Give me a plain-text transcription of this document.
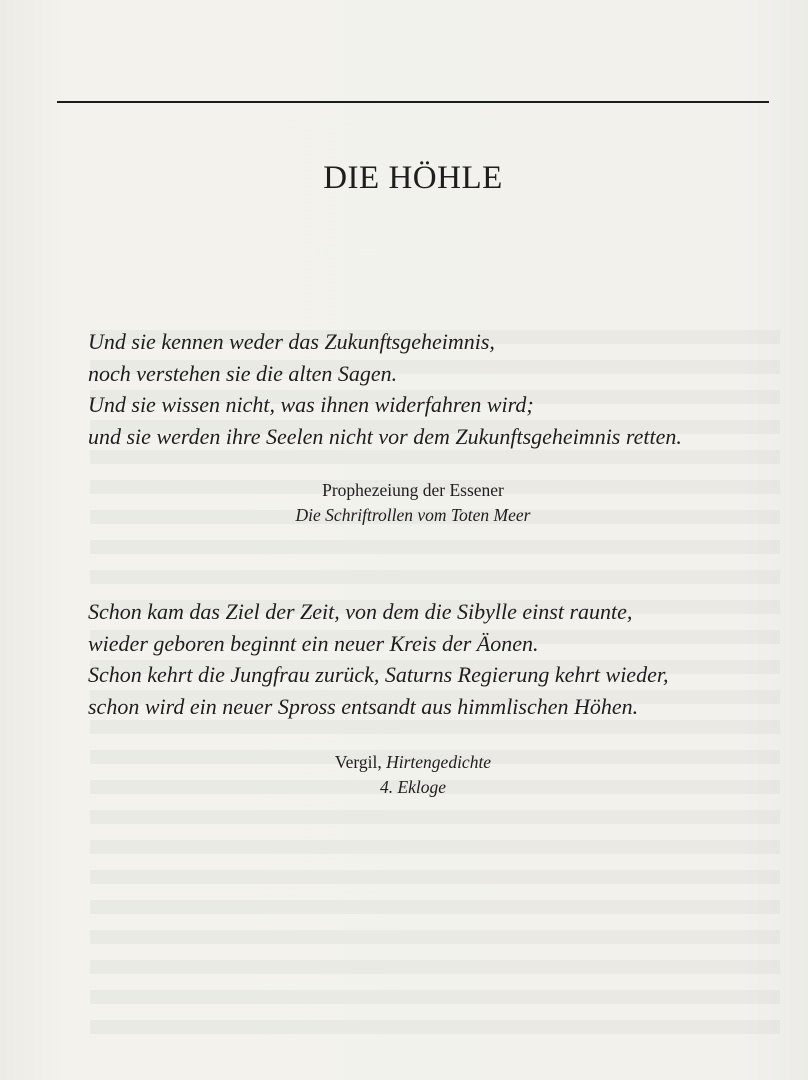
DIE HÖHLE
Und sie kennen weder das Zukunftsgeheimnis,
noch verstehen sie die alten Sagen.
Und sie wissen nicht, was ihnen widerfahren wird;
und sie werden ihre Seelen nicht vor dem Zukunftsgeheimnis retten.
Prophezeiung der Essener
Die Schriftrollen vom Toten Meer
Schon kam das Ziel der Zeit, von dem die Sibylle einst raunte,
wieder geboren beginnt ein neuer Kreis der Äonen.
Schon kehrt die Jungfrau zurück, Saturns Regierung kehrt wieder,
schon wird ein neuer Spross entsandt aus himmlischen Höhen.
Vergil, Hirtengedichte
4. Ekloge
